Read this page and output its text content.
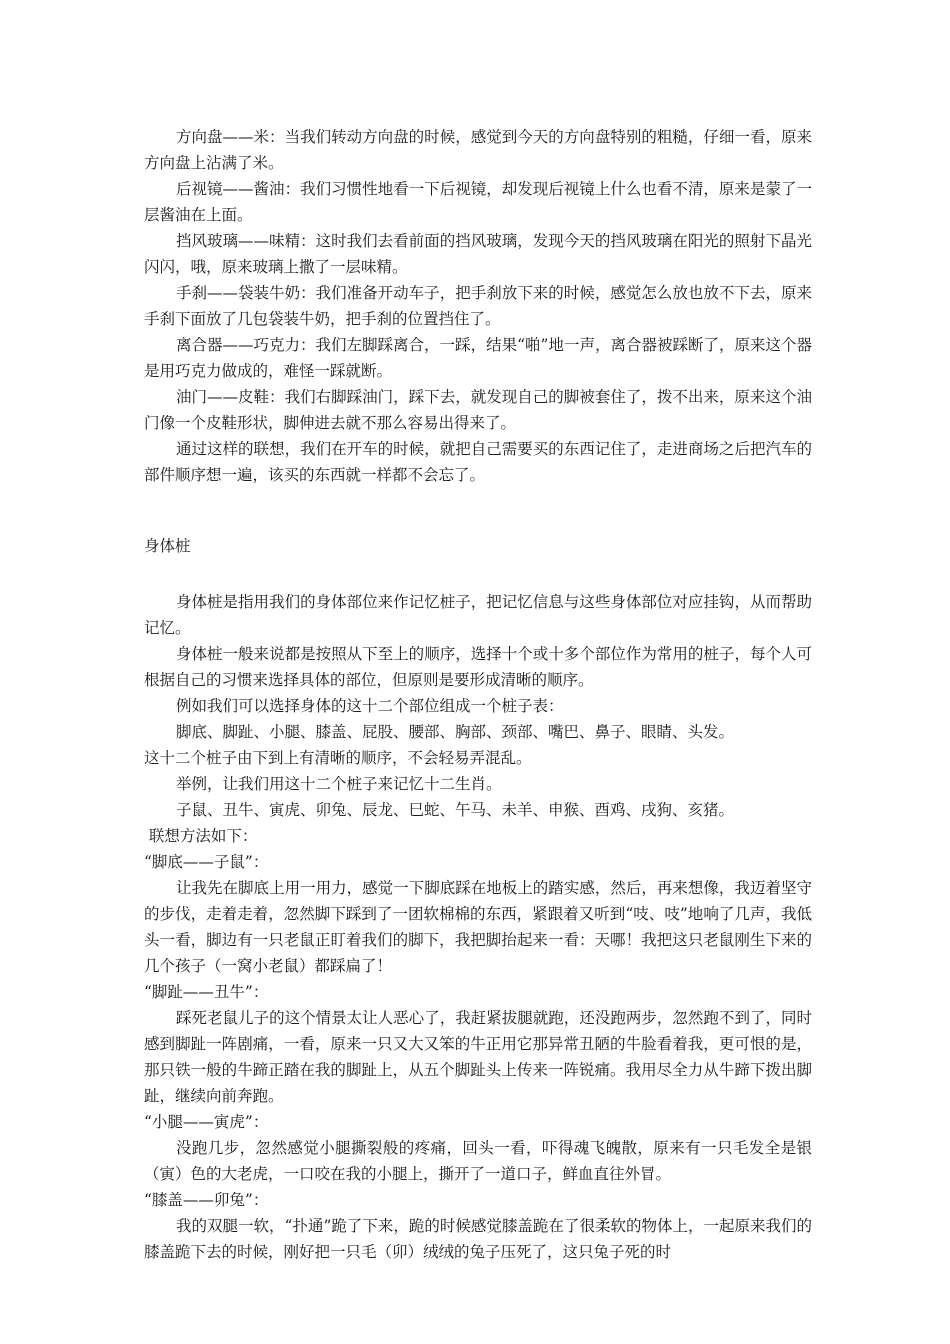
方向盘——米：当我们转动方向盘的时候，感觉到今天的方向盘特别的粗糙，仔细一看，原来方向盘上沾满了米。

后视镜——酱油：我们习惯性地看一下后视镜，却发现后视镜上什么也看不清，原来是蒙了一层酱油在上面。

挡风玻璃——味精：这时我们去看前面的挡风玻璃，发现今天的挡风玻璃在阳光的照射下晶光闪闪，哦，原来玻璃上撒了一层味精。

手刹——袋装牛奶：我们准备开动车子，把手刹放下来的时候，感觉怎么放也放不下去，原来手刹下面放了几包袋装牛奶，把手刹的位置挡住了。

离合器——巧克力：我们左脚踩离合，一踩，结果“啪”地一声，离合器被踩断了，原来这个器是用巧克力做成的，难怪一踩就断。

油门——皮鞋：我们右脚踩油门，踩下去，就发现自己的脚被套住了，拨不出来，原来这个油门像一个皮鞋形状，脚伸进去就不那么容易出得来了。

通过这样的联想，我们在开车的时候，就把自己需要买的东西记住了，走进商场之后把汽车的部件顺序想一遍，该买的东西就一样都不会忘了。

身体桩

身体桩是指用我们的身体部位来作记忆桩子，把记忆信息与这些身体部位对应挂钩，从而帮助记忆。

身体桩一般来说都是按照从下至上的顺序，选择十个或十多个部位作为常用的桩子，每个人可根据自己的习惯来选择具体的部位，但原则是要形成清晰的顺序。

例如我们可以选择身体的这十二个部位组成一个桩子表：

脚底、脚趾、小腿、膝盖、屁股、腰部、胸部、颈部、嘴巴、鼻子、眼睛、头发。

这十二个桩子由下到上有清晰的顺序，不会轻易弄混乱。

举例，让我们用这十二个桩子来记忆十二生肖。

子鼠、丑牛、寅虎、卯兔、辰龙、巳蛇、午马、未羊、申猴、酉鸡、戌狗、亥猪。

联想方法如下：

“脚底——子鼠”：

让我先在脚底上用一用力，感觉一下脚底踩在地板上的踏实感，然后，再来想像，我迈着坚守的步伐，走着走着，忽然脚下踩到了一团软棉棉的东西，紧跟着又听到“吱、吱”地响了几声，我低头一看，脚边有一只老鼠正盯着我们的脚下，我把脚抬起来一看：天哪！我把这只老鼠刚生下来的几个孩子（一窝小老鼠）都踩扁了！

“脚趾——丑牛”：

踩死老鼠儿子的这个情景太让人恶心了，我赶紧拔腿就跑，还没跑两步，忽然跑不到了，同时感到脚趾一阵剧痛，一看，原来一只又大又笨的牛正用它那异常丑陋的牛脸看着我，更可恨的是，那只铁一般的牛蹄正踏在我的脚趾上，从五个脚趾头上传来一阵锐痛。我用尽全力从牛蹄下拨出脚趾，继续向前奔跑。

“小腿——寅虎”：

没跑几步，忽然感觉小腿撕裂般的疼痛，回头一看，吓得魂飞魄散，原来有一只毛发全是银（寅）色的大老虎，一口咬在我的小腿上，撕开了一道口子，鲜血直往外冒。

“膝盖——卯兔”：

我的双腿一软，“扑通”跪了下来，跪的时候感觉膝盖跪在了很柔软的物体上，一起原来我们的膝盖跪下去的时候，刚好把一只毛（卯）绒绒的兔子压死了，这只兔子死的时
